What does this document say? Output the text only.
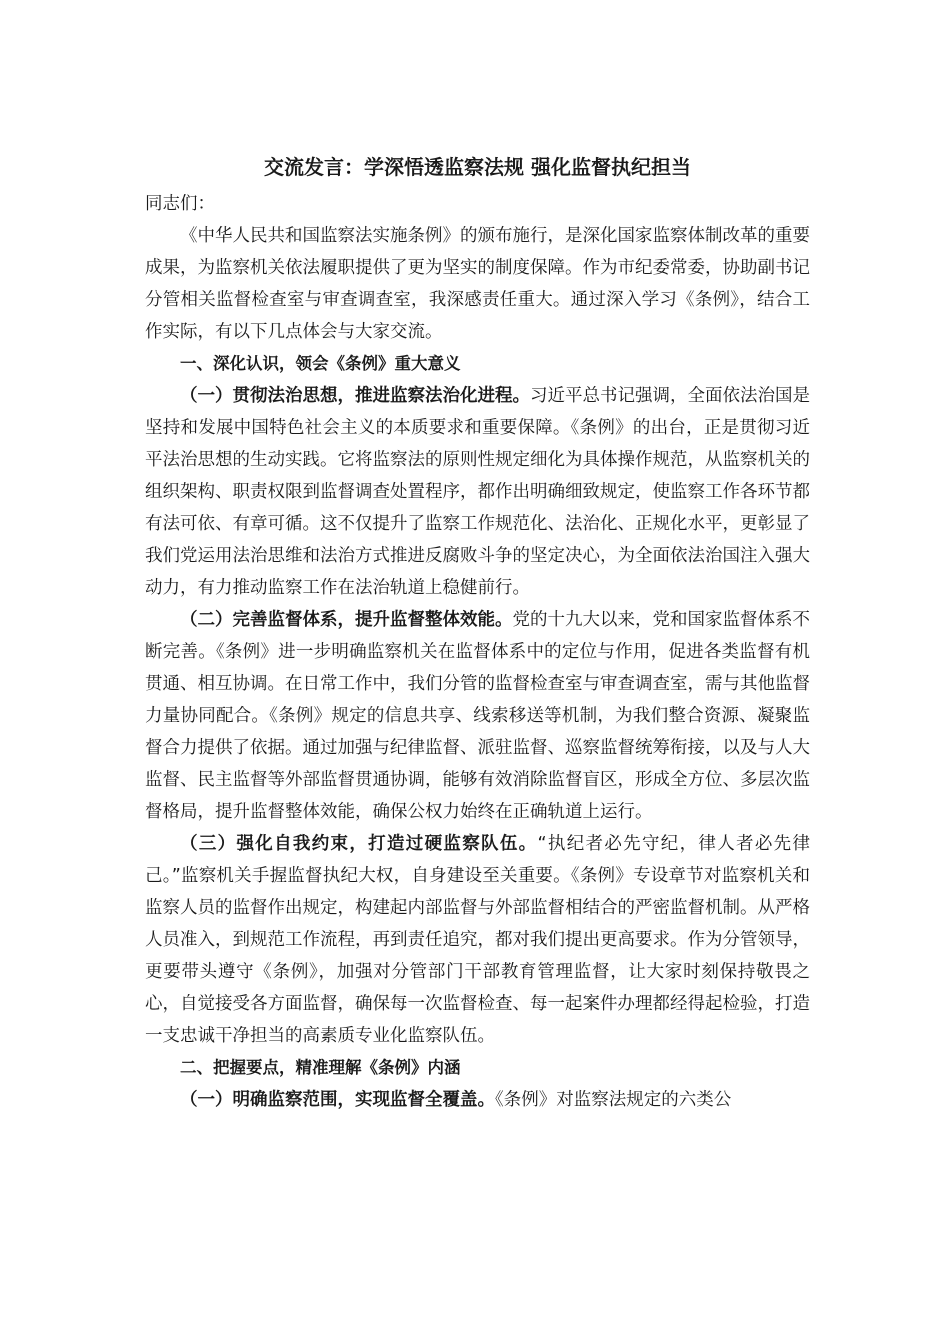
交流发言：学深悟透监察法规 强化监督执纪担当

同志们：

《中华人民共和国监察法实施条例》的颁布施行，是深化国家监察体制改革的重要成果，为监察机关依法履职提供了更为坚实的制度保障。作为市纪委常委，协助副书记分管相关监督检查室与审查调查室，我深感责任重大。通过深入学习《条例》，结合工作实际，有以下几点体会与大家交流。

一、深化认识，领会《条例》重大意义

（一）贯彻法治思想，推进监察法治化进程。习近平总书记强调，全面依法治国是坚持和发展中国特色社会主义的本质要求和重要保障。《条例》的出台，正是贯彻习近平法治思想的生动实践。它将监察法的原则性规定细化为具体操作规范，从监察机关的组织架构、职责权限到监督调查处置程序，都作出明确细致规定，使监察工作各环节都有法可依、有章可循。这不仅提升了监察工作规范化、法治化、正规化水平，更彰显了我们党运用法治思维和法治方式推进反腐败斗争的坚定决心，为全面依法治国注入强大动力，有力推动监察工作在法治轨道上稳健前行。

（二）完善监督体系，提升监督整体效能。党的十九大以来，党和国家监督体系不断完善。《条例》进一步明确监察机关在监督体系中的定位与作用，促进各类监督有机贯通、相互协调。在日常工作中，我们分管的监督检查室与审查调查室，需与其他监督力量协同配合。《条例》规定的信息共享、线索移送等机制，为我们整合资源、凝聚监督合力提供了依据。通过加强与纪律监督、派驻监督、巡察监督统筹衔接，以及与人大监督、民主监督等外部监督贯通协调，能够有效消除监督盲区，形成全方位、多层次监督格局，提升监督整体效能，确保公权力始终在正确轨道上运行。

（三）强化自我约束，打造过硬监察队伍。“执纪者必先守纪，律人者必先律己。”监察机关手握监督执纪大权，自身建设至关重要。《条例》专设章节对监察机关和监察人员的监督作出规定，构建起内部监督与外部监督相结合的严密监督机制。从严格人员准入，到规范工作流程，再到责任追究，都对我们提出更高要求。作为分管领导，更要带头遵守《条例》，加强对分管部门干部教育管理监督，让大家时刻保持敬畏之心，自觉接受各方面监督，确保每一次监督检查、每一起案件办理都经得起检验，打造一支忠诚干净担当的高素质专业化监察队伍。

二、把握要点，精准理解《条例》内涵

（一）明确监察范围，实现监督全覆盖。《条例》对监察法规定的六类公
